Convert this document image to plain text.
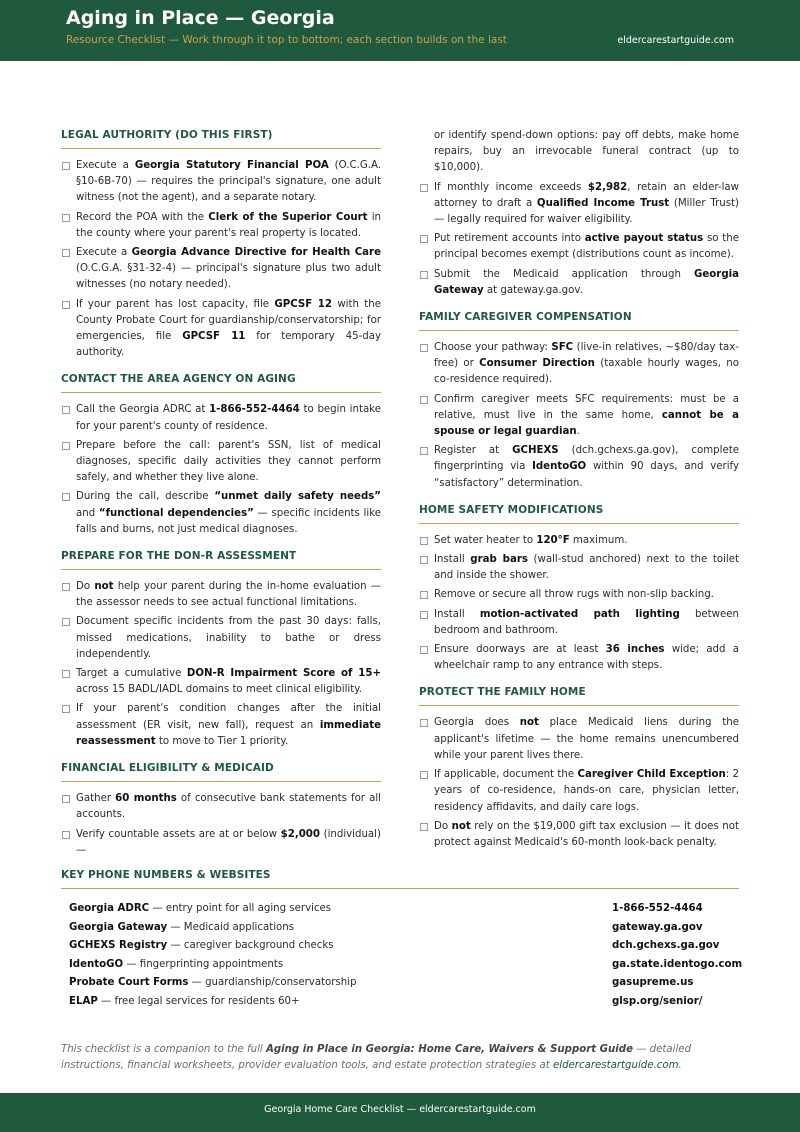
Aging in Place — Georgia
Resource Checklist — Work through it top to bottom; each section builds on the last	eldercarestartguide.com
LEGAL AUTHORITY (DO THIS FIRST)
Execute a Georgia Statutory Financial POA (O.C.G.A. §10-6B-70) — requires the principal's signature, one adult witness (not the agent), and a separate notary.
Record the POA with the Clerk of the Superior Court in the county where your parent's real property is located.
Execute a Georgia Advance Directive for Health Care (O.C.G.A. §31-32-4) — principal's signature plus two adult witnesses (no notary needed).
If your parent has lost capacity, file GPCSF 12 with the County Probate Court for guardianship/conservatorship; for emergencies, file GPCSF 11 for temporary 45-day authority.
CONTACT THE AREA AGENCY ON AGING
Call the Georgia ADRC at 1-866-552-4464 to begin intake for your parent's county of residence.
Prepare before the call: parent's SSN, list of medical diagnoses, specific daily activities they cannot perform safely, and whether they live alone.
During the call, describe “unmet daily safety needs” and “functional dependencies” — specific incidents like falls and burns, not just medical diagnoses.
PREPARE FOR THE DON-R ASSESSMENT
Do not help your parent during the in-home evaluation — the assessor needs to see actual functional limitations.
Document specific incidents from the past 30 days: falls, missed medications, inability to bathe or dress independently.
Target a cumulative DON-R Impairment Score of 15+ across 15 BADL/IADL domains to meet clinical eligibility.
If your parent's condition changes after the initial assessment (ER visit, new fall), request an immediate reassessment to move to Tier 1 priority.
FINANCIAL ELIGIBILITY & MEDICAID
Gather 60 months of consecutive bank statements for all accounts.
Verify countable assets are at or below $2,000 (individual) —
or identify spend-down options: pay off debts, make home repairs, buy an irrevocable funeral contract (up to $10,000).
If monthly income exceeds $2,982, retain an elder-law attorney to draft a Qualified Income Trust (Miller Trust) — legally required for waiver eligibility.
Put retirement accounts into active payout status so the principal becomes exempt (distributions count as income).
Submit the Medicaid application through Georgia Gateway at gateway.ga.gov.
FAMILY CAREGIVER COMPENSATION
Choose your pathway: SFC (live-in relatives, ~$80/day tax-free) or Consumer Direction (taxable hourly wages, no co-residence required).
Confirm caregiver meets SFC requirements: must be a relative, must live in the same home, cannot be a spouse or legal guardian.
Register at GCHEXS (dch.gchexs.ga.gov), complete fingerprinting via IdentoGO within 90 days, and verify “satisfactory” determination.
HOME SAFETY MODIFICATIONS
Set water heater to 120°F maximum.
Install grab bars (wall-stud anchored) next to the toilet and inside the shower.
Remove or secure all throw rugs with non-slip backing.
Install motion-activated path lighting between bedroom and bathroom.
Ensure doorways are at least 36 inches wide; add a wheelchair ramp to any entrance with steps.
PROTECT THE FAMILY HOME
Georgia does not place Medicaid liens during the applicant's lifetime — the home remains unencumbered while your parent lives there.
If applicable, document the Caregiver Child Exception: 2 years of co-residence, hands-on care, physician letter, residency affidavits, and daily care logs.
Do not rely on the $19,000 gift tax exclusion — it does not protect against Medicaid's 60-month look-back penalty.
KEY PHONE NUMBERS & WEBSITES
Georgia ADRC — entry point for all aging services	1-866-552-4464
Georgia Gateway — Medicaid applications	gateway.ga.gov
GCHEXS Registry — caregiver background checks	dch.gchexs.ga.gov
IdentoGO — fingerprinting appointments	ga.state.identogo.com
Probate Court Forms — guardianship/conservatorship	gasupreme.us
ELAP — free legal services for residents 60+	glsp.org/senior/
This checklist is a companion to the full Aging in Place in Georgia: Home Care, Waivers & Support Guide — detailed instructions, financial worksheets, provider evaluation tools, and estate protection strategies at eldercarestartguide.com.
Georgia Home Care Checklist — eldercarestartguide.com
